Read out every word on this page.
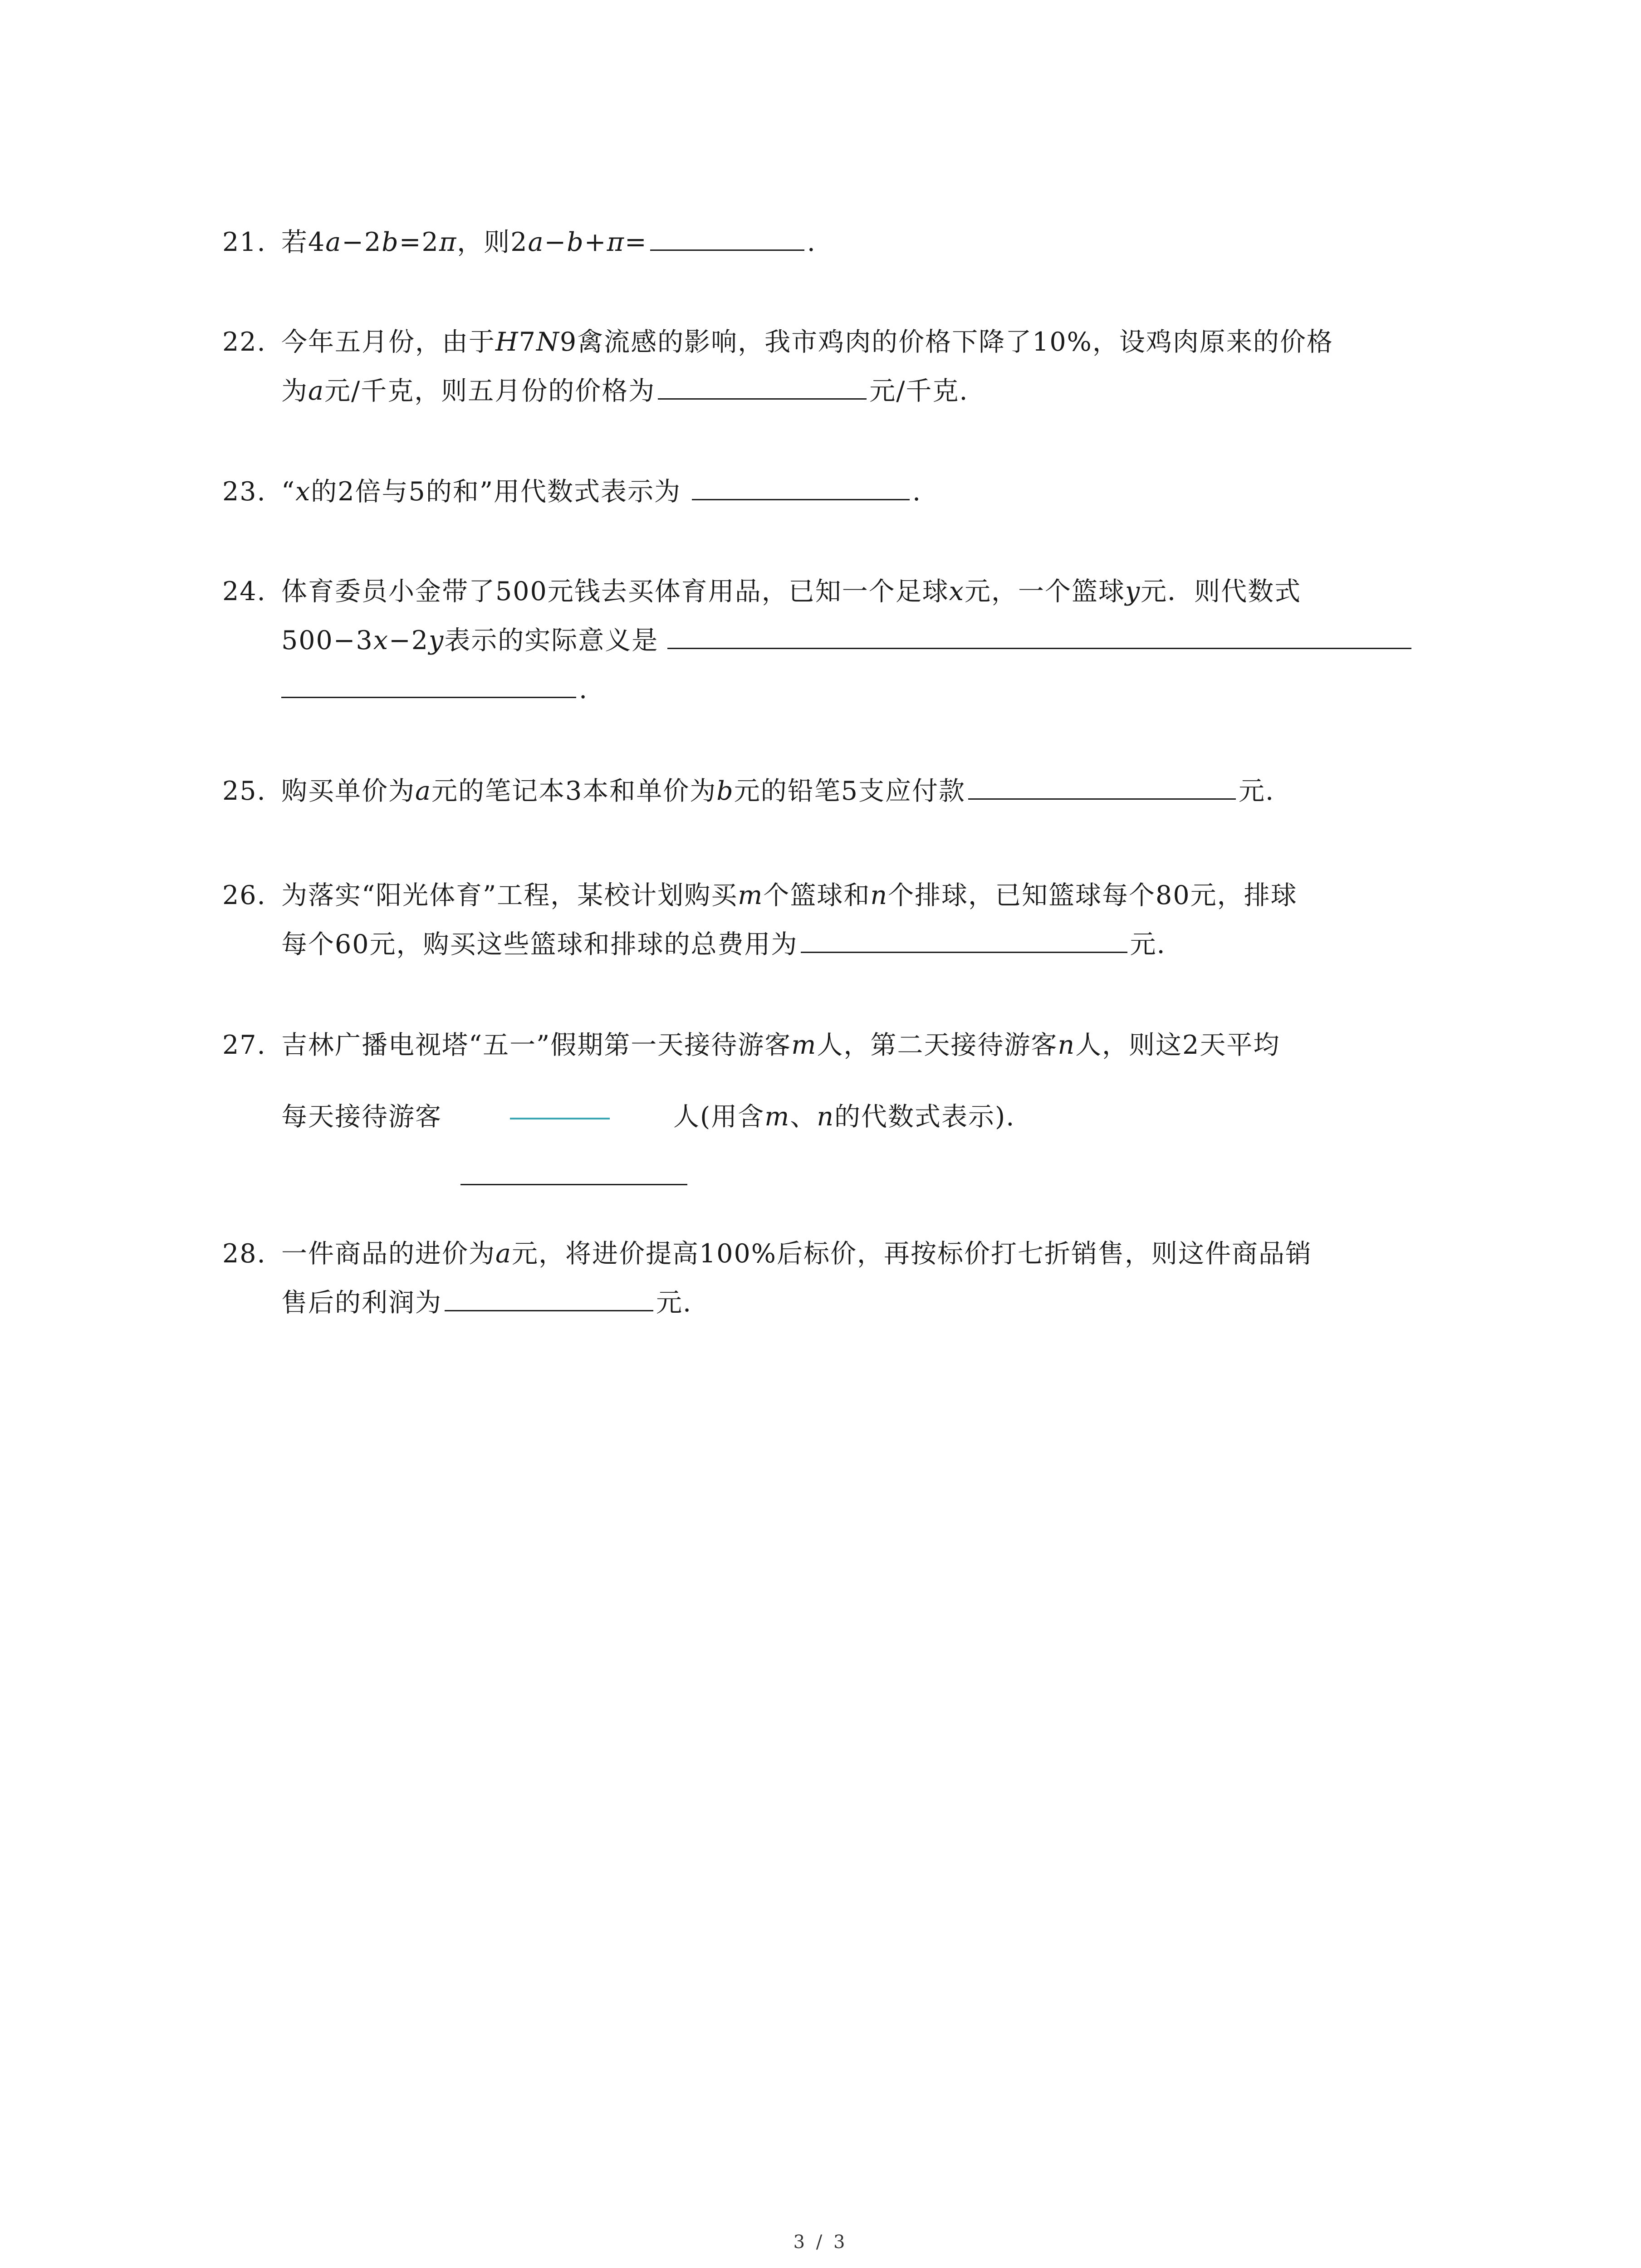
21. 若4a−2b=2π，则2a−b+π=	.
22. 今年五月份，由于H7N9禽流感的影响，我市鸡肉的价格下降了10%，设鸡肉原来的价格
为a元/千克，则五月份的价格为	元/千克.
23. “x的2倍与5的和”用代数式表示为	.
24. 体育委员小金带了500元钱去买体育用品，已知一个足球x元，一个篮球y元．则代数式
500−3x−2y表示的实际意义是
.
25. 购买单价为a元的笔记本3本和单价为b元的铅笔5支应付款	元.
26. 为落实“阳光体育”工程，某校计划购买m个篮球和n个排球，已知篮球每个80元，排球
每个60元，购买这些篮球和排球的总费用为	元.
27. 吉林广播电视塔“五一”假期第一天接待游客m人，第二天接待游客n人，则这2天平均
每天接待游客	人(用含m、n的代数式表示).
28. 一件商品的进价为a元，将进价提高100%后标价，再按标价打七折销售，则这件商品销
售后的利润为	元.
3 / 3
